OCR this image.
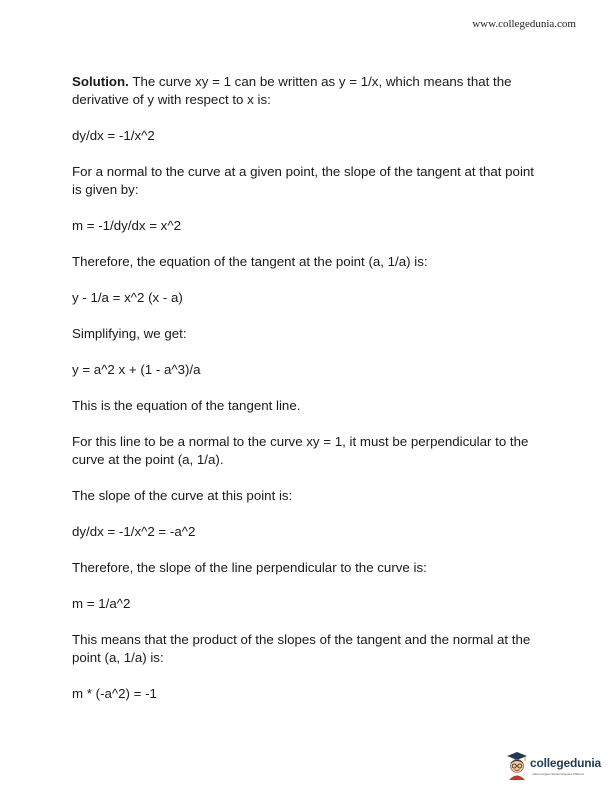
www.collegedunia.com

Solution. The curve xy = 1 can be written as y = 1/x, which means that the derivative of y with respect to x is:

dy/dx = -1/x^2

For a normal to the curve at a given point, the slope of the tangent at that point is given by:

m = -1/dy/dx = x^2

Therefore, the equation of the tangent at the point (a, 1/a) is:

y - 1/a = x^2 (x - a)

Simplifying, we get:

y = a^2 x + (1 - a^3)/a

This is the equation of the tangent line.

For this line to be a normal to the curve xy = 1, it must be perpendicular to the curve at the point (a, 1/a).

The slope of the curve at this point is:

dy/dx = -1/x^2 = -a^2

Therefore, the slope of the line perpendicular to the curve is:

m = 1/a^2

This means that the product of the slopes of the tangent and the normal at the point (a, 1/a) is:

m * (-a^2) = -1

collegedunia
India's largest Student Review Platform
